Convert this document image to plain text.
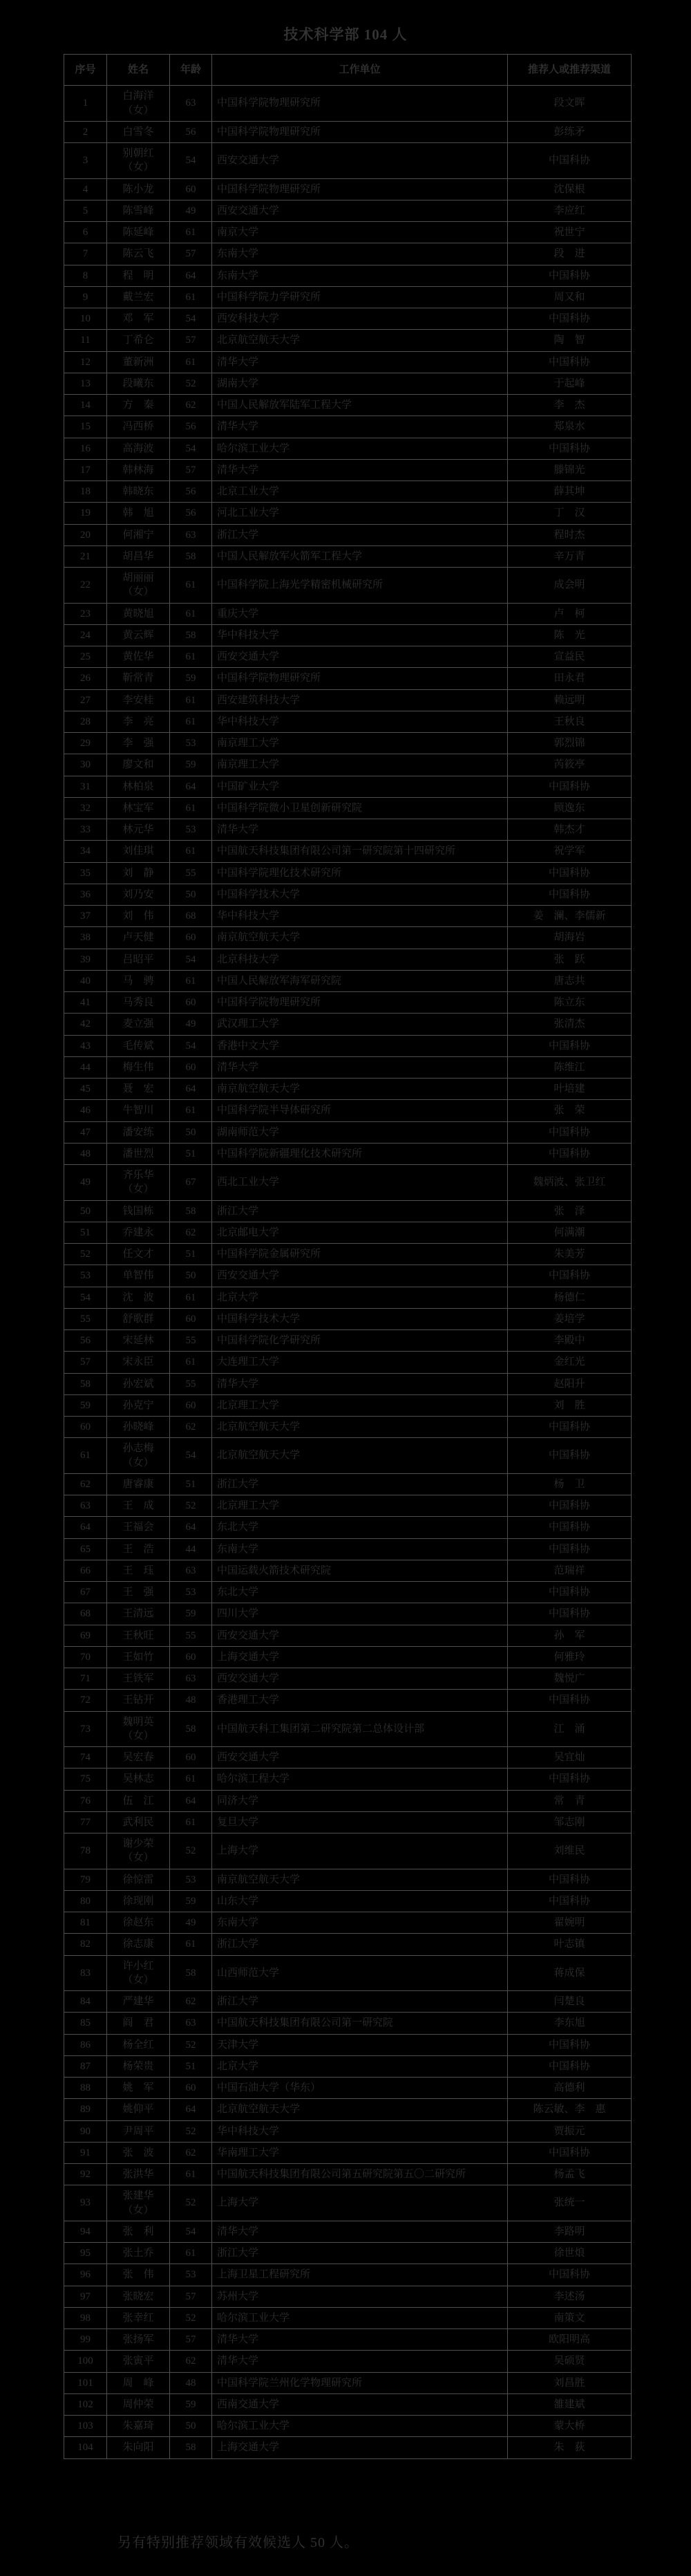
技术科学部 104 人
序号	姓名	年龄	工作单位	推荐人或推荐渠道
1	白海洋（女）	63	中国科学院物理研究所	段文晖
2	白雪冬	56	中国科学院物理研究所	彭练矛
3	别朝红（女）	54	西安交通大学	中国科协
4	陈小龙	60	中国科学院物理研究所	沈保根
5	陈雪峰	49	西安交通大学	李应红
6	陈延峰	61	南京大学	祝世宁
7	陈云飞	57	东南大学	段　进
8	程　明	64	东南大学	中国科协
9	戴兰宏	61	中国科学院力学研究所	周又和
10	邓　军	54	西安科技大学	中国科协
11	丁希仑	57	北京航空航天大学	陶　智
12	董新洲	61	清华大学	中国科协
13	段曦东	52	湖南大学	于起峰
14	方　秦	62	中国人民解放军陆军工程大学	李　杰
15	冯西桥	56	清华大学	郑泉水
16	高海波	54	哈尔滨工业大学	中国科协
17	韩林海	57	清华大学	滕锦光
18	韩晓东	56	北京工业大学	薛其坤
19	韩　旭	56	河北工业大学	丁　汉
20	何湘宁	63	浙江大学	程时杰
21	胡昌华	58	中国人民解放军火箭军工程大学	辛万青
22	胡丽丽（女）	61	中国科学院上海光学精密机械研究所	成会明
23	黄晓旭	61	重庆大学	卢　柯
24	黄云辉	58	华中科技大学	陈　光
25	黄佐华	61	西安交通大学	宣益民
26	靳常青	59	中国科学院物理研究所	田永君
27	李安桂	61	西安建筑科技大学	赖远明
28	李　亮	61	华中科技大学	王秋良
29	李　强	53	南京理工大学	郭烈锦
30	廖文和	59	南京理工大学	芮筱亭
31	林柏泉	64	中国矿业大学	中国科协
32	林宝军	61	中国科学院微小卫星创新研究院	顾逸东
33	林元华	53	清华大学	韩杰才
34	刘佳琪	61	中国航天科技集团有限公司第一研究院第十四研究所	祝学军
35	刘　静	55	中国科学院理化技术研究所	中国科协
36	刘乃安	50	中国科学技术大学	中国科协
37	刘　伟	68	华中科技大学	姜　澜、李儒新
38	卢天健	60	南京航空航天大学	胡海岩
39	吕昭平	54	北京科技大学	张　跃
40	马　骋	61	中国人民解放军海军研究院	唐志共
41	马秀良	60	中国科学院物理研究所	陈立东
42	麦立强	49	武汉理工大学	张清杰
43	毛传斌	54	香港中文大学	中国科协
44	梅生伟	60	清华大学	陈维江
45	聂　宏	64	南京航空航天大学	叶培建
46	牛智川	61	中国科学院半导体研究所	张　荣
47	潘安练	50	湖南师范大学	中国科协
48	潘世烈	51	中国科学院新疆理化技术研究所	中国科协
49	齐乐华（女）	67	西北工业大学	魏炳波、张卫红
50	钱国栋	58	浙江大学	张　泽
51	乔建永	62	北京邮电大学	何满潮
52	任文才	51	中国科学院金属研究所	朱美芳
53	单智伟	50	西安交通大学	中国科协
54	沈　波	61	北京大学	杨德仁
55	舒歌群	60	中国科学技术大学	姜培学
56	宋延林	55	中国科学院化学研究所	李殿中
57	宋永臣	61	大连理工大学	金红光
58	孙宏斌	55	清华大学	赵阳升
59	孙克宁	60	北京理工大学	刘　胜
60	孙晓峰	62	北京航空航天大学	中国科协
61	孙志梅（女）	54	北京航空航天大学	中国科协
62	唐睿康	51	浙江大学	杨　卫
63	王　成	52	北京理工大学	中国科协
64	王福会	64	东北大学	中国科协
65	王　浩	44	东南大学	中国科协
66	王　珏	63	中国运载火箭技术研究院	范瑞祥
67	王　强	53	东北大学	中国科协
68	王清远	59	四川大学	中国科协
69	王秋旺	55	西安交通大学	孙　军
70	王如竹	60	上海交通大学	何雅玲
71	王铁军	63	西安交通大学	魏悦广
72	王钻开	48	香港理工大学	中国科协
73	魏明英（女）	58	中国航天科工集团第二研究院第二总体设计部	江　涌
74	吴宏春	60	西安交通大学	吴宜灿
75	吴林志	61	哈尔滨工程大学	中国科协
76	伍　江	64	同济大学	常　青
77	武利民	61	复旦大学	邹志刚
78	谢少荣（女）	52	上海大学	刘维民
79	徐惊雷	53	南京航空航天大学	中国科协
80	徐现刚	59	山东大学	中国科协
81	徐赵东	49	东南大学	翟婉明
82	徐志康	61	浙江大学	叶志镇
83	许小红（女）	58	山西师范大学	蒋成保
84	严建华	62	浙江大学	闫楚良
85	阎　君	63	中国航天科技集团有限公司第一研究院	李东旭
86	杨全红	52	天津大学	中国科协
87	杨荣贵	51	北京大学	中国科协
88	姚　军	60	中国石油大学（华东）	高德利
89	姚仰平	64	北京航空航天大学	陈云敏、李　惠
90	尹周平	52	华中科技大学	贾振元
91	张　波	62	华南理工大学	中国科协
92	张洪华	61	中国航天科技集团有限公司第五研究院第五〇二研究所	杨孟飞
93	张建华（女）	52	上海大学	张统一
94	张　利	54	清华大学	李路明
95	张土乔	61	浙江大学	徐世烺
96	张　伟	53	上海卫星工程研究所	中国科协
97	张晓宏	57	苏州大学	李述汤
98	张幸红	52	哈尔滨工业大学	南策文
99	张扬军	57	清华大学	欧阳明高
100	张寅平	62	清华大学	吴硕贤
101	周　峰	48	中国科学院兰州化学物理研究所	刘昌胜
102	周仲荣	59	西南交通大学	雒建斌
103	朱嘉琦	50	哈尔滨工业大学	蒙大桥
104	朱向阳	58	上海交通大学	朱　荻

另有特别推荐领域有效候选人 50 人。
